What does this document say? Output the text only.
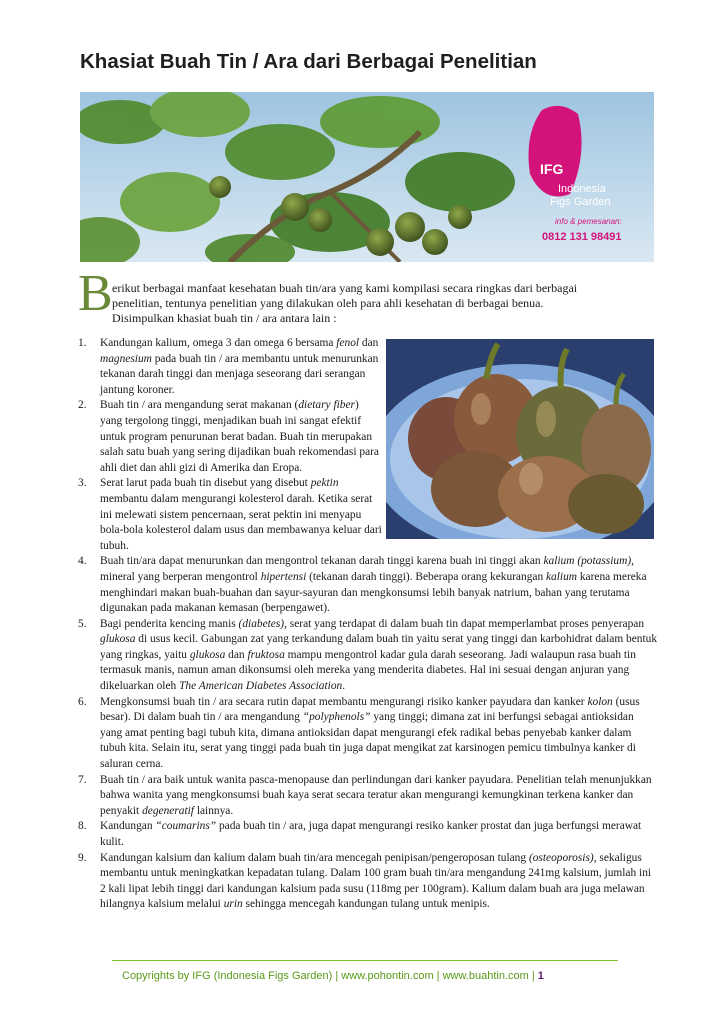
Khasiat Buah Tin / Ara dari Berbagai Penelitian
IFG
Indonesia
Figs Garden
info & pemesanan:
0812 131 98491
B erikut berbagai manfaat kesehatan buah tin/ara yang kami kompilasi secara ringkas dari berbagai

penelitian, tentunya penelitian yang dilakukan oleh para ahli kesehatan di berbagai benua.

Disimpulkan khasiat buah tin / ara antara lain :

1. Kandungan kalium, omega 3 dan omega 6 bersama fenol dan magnesium pada buah tin / ara membantu untuk menurunkan tekanan darah tinggi dan menjaga seseorang dari serangan jantung koroner.
2. Buah tin / ara mengandung serat makanan (dietary fiber) yang tergolong tinggi, menjadikan buah ini sangat efektif untuk program penurunan berat badan. Buah tin merupakan salah satu buah yang sering dijadikan buah rekomendasi para ahli diet dan ahli gizi di Amerika dan Eropa.
3. Serat larut pada buah tin disebut yang disebut pektin membantu dalam mengurangi kolesterol darah. Ketika serat ini melewati sistem pencernaan, serat pektin ini menyapu bola-bola kolesterol dalam usus dan membawanya keluar dari tubuh.
4. Buah tin/ara dapat menurunkan dan mengontrol tekanan darah tinggi karena buah ini tinggi akan kalium (potassium), mineral yang berperan mengontrol hipertensi (tekanan darah tinggi). Beberapa orang kekurangan kalium karena mereka menghindari makan buah-buahan dan sayur-sayuran dan mengkonsumsi lebih banyak natrium, bahan yang terutama digunakan pada makanan kemasan (berpengawet).
5. Bagi penderita kencing manis (diabetes), serat yang terdapat di dalam buah tin dapat memperlambat proses penyerapan glukosa di usus kecil. Gabungan zat yang terkandung dalam buah tin yaitu serat yang tinggi dan karbohidrat dalam bentuk yang ringkas, yaitu glukosa dan fruktosa mampu mengontrol kadar gula darah seseorang. Jadi walaupun rasa buah tin termasuk manis, namun aman dikonsumsi oleh mereka yang menderita diabetes. Hal ini sesuai dengan anjuran yang dikeluarkan oleh The American Diabetes Association.
6. Mengkonsumsi buah tin / ara secara rutin dapat membantu mengurangi risiko kanker payudara dan kanker kolon (usus besar). Di dalam buah tin / ara mengandung “polyphenols” yang tinggi; dimana zat ini berfungsi sebagai antioksidan yang amat penting bagi tubuh kita, dimana antioksidan dapat mengurangi efek radikal bebas penyebab kanker dalam tubuh kita. Selain itu, serat yang tinggi pada buah tin juga dapat mengikat zat karsinogen pemicu timbulnya kanker di saluran cerna.
7. Buah tin / ara baik untuk wanita pasca-menopause dan perlindungan dari kanker payudara. Penelitian telah menunjukkan bahwa wanita yang mengkonsumsi buah kaya serat secara teratur akan mengurangi kemungkinan terkena kanker dan penyakit degeneratif lainnya.
8. Kandungan “coumarins” pada buah tin / ara, juga dapat mengurangi resiko kanker prostat dan juga berfungsi merawat kulit.
9. Kandungan kalsium dan kalium dalam buah tin/ara mencegah penipisan/pengeroposan tulang (osteoporosis), sekaligus membantu untuk meningkatkan kepadatan tulang. Dalam 100 gram buah tin/ara mengandung 241mg kalsium, jumlah ini 2 kali lipat lebih tinggi dari kandungan kalsium pada susu (118mg per 100gram). Kalium dalam buah ara juga melawan hilangnya kalsium melalui urin sehingga mencegah kandungan tulang untuk menipis.
Copyrights by IFG (Indonesia Figs Garden) | www.pohontin.com | www.buahtin.com | 1
